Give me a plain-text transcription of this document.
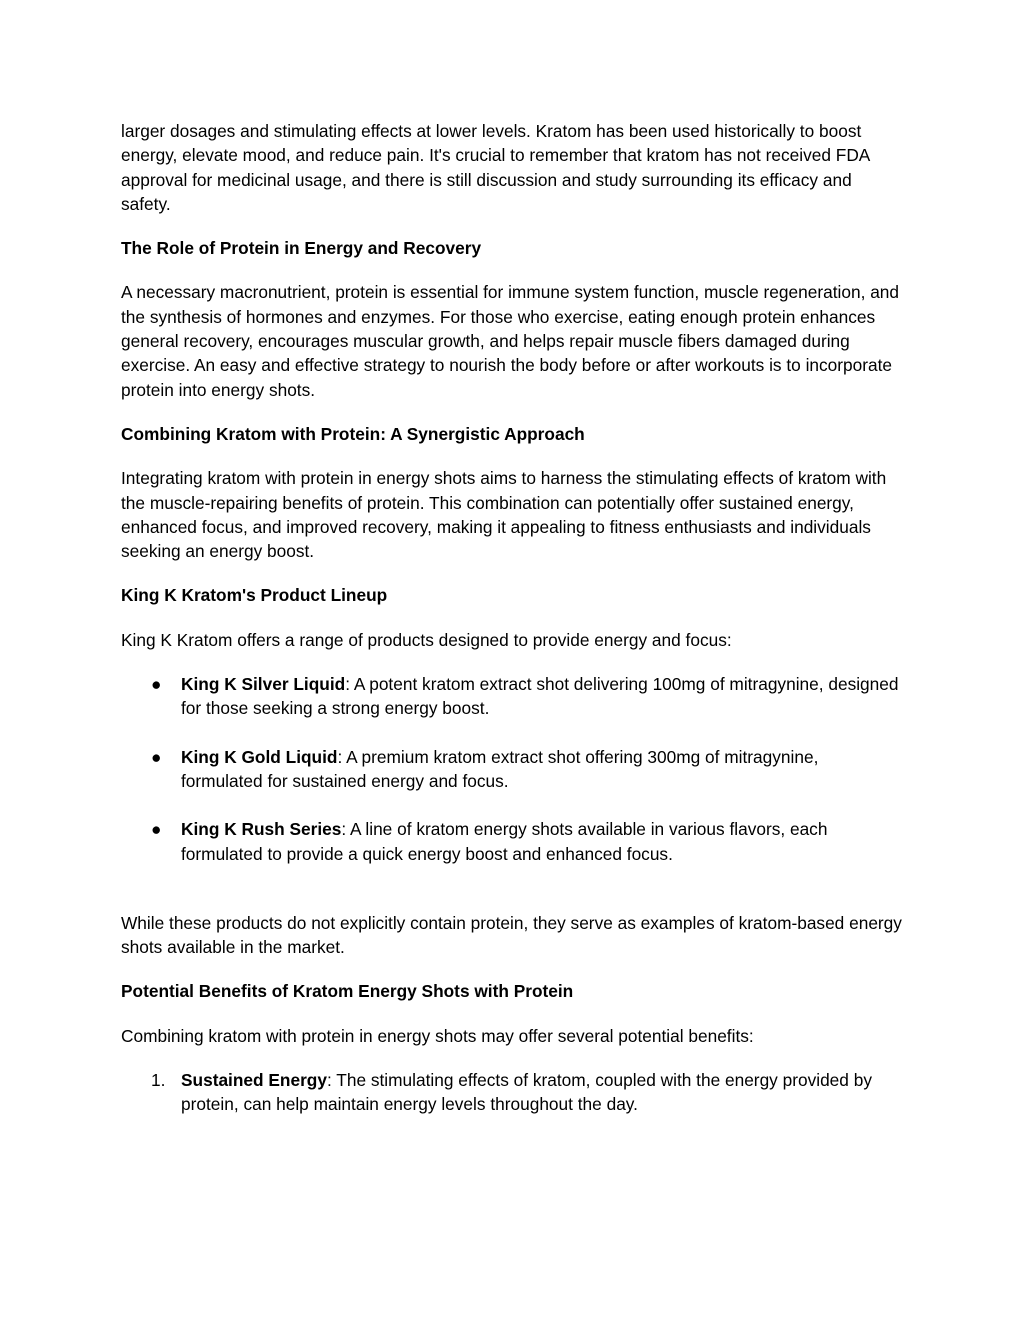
larger dosages and stimulating effects at lower levels. Kratom has been used historically to boost energy, elevate mood, and reduce pain. It's crucial to remember that kratom has not received FDA approval for medicinal usage, and there is still discussion and study surrounding its efficacy and safety.

The Role of Protein in Energy and Recovery

A necessary macronutrient, protein is essential for immune system function, muscle regeneration, and the synthesis of hormones and enzymes. For those who exercise, eating enough protein enhances general recovery, encourages muscular growth, and helps repair muscle fibers damaged during exercise. An easy and effective strategy to nourish the body before or after workouts is to incorporate protein into energy shots.

Combining Kratom with Protein: A Synergistic Approach

Integrating kratom with protein in energy shots aims to harness the stimulating effects of kratom with the muscle-repairing benefits of protein. This combination can potentially offer sustained energy, enhanced focus, and improved recovery, making it appealing to fitness enthusiasts and individuals seeking an energy boost.

King K Kratom's Product Lineup

King K Kratom offers a range of products designed to provide energy and focus:

● King K Silver Liquid: A potent kratom extract shot delivering 100mg of mitragynine, designed for those seeking a strong energy boost.
● King K Gold Liquid: A premium kratom extract shot offering 300mg of mitragynine, formulated for sustained energy and focus.
● King K Rush Series: A line of kratom energy shots available in various flavors, each formulated to provide a quick energy boost and enhanced focus.

While these products do not explicitly contain protein, they serve as examples of kratom-based energy shots available in the market.

Potential Benefits of Kratom Energy Shots with Protein

Combining kratom with protein in energy shots may offer several potential benefits:

1. Sustained Energy: The stimulating effects of kratom, coupled with the energy provided by protein, can help maintain energy levels throughout the day.
